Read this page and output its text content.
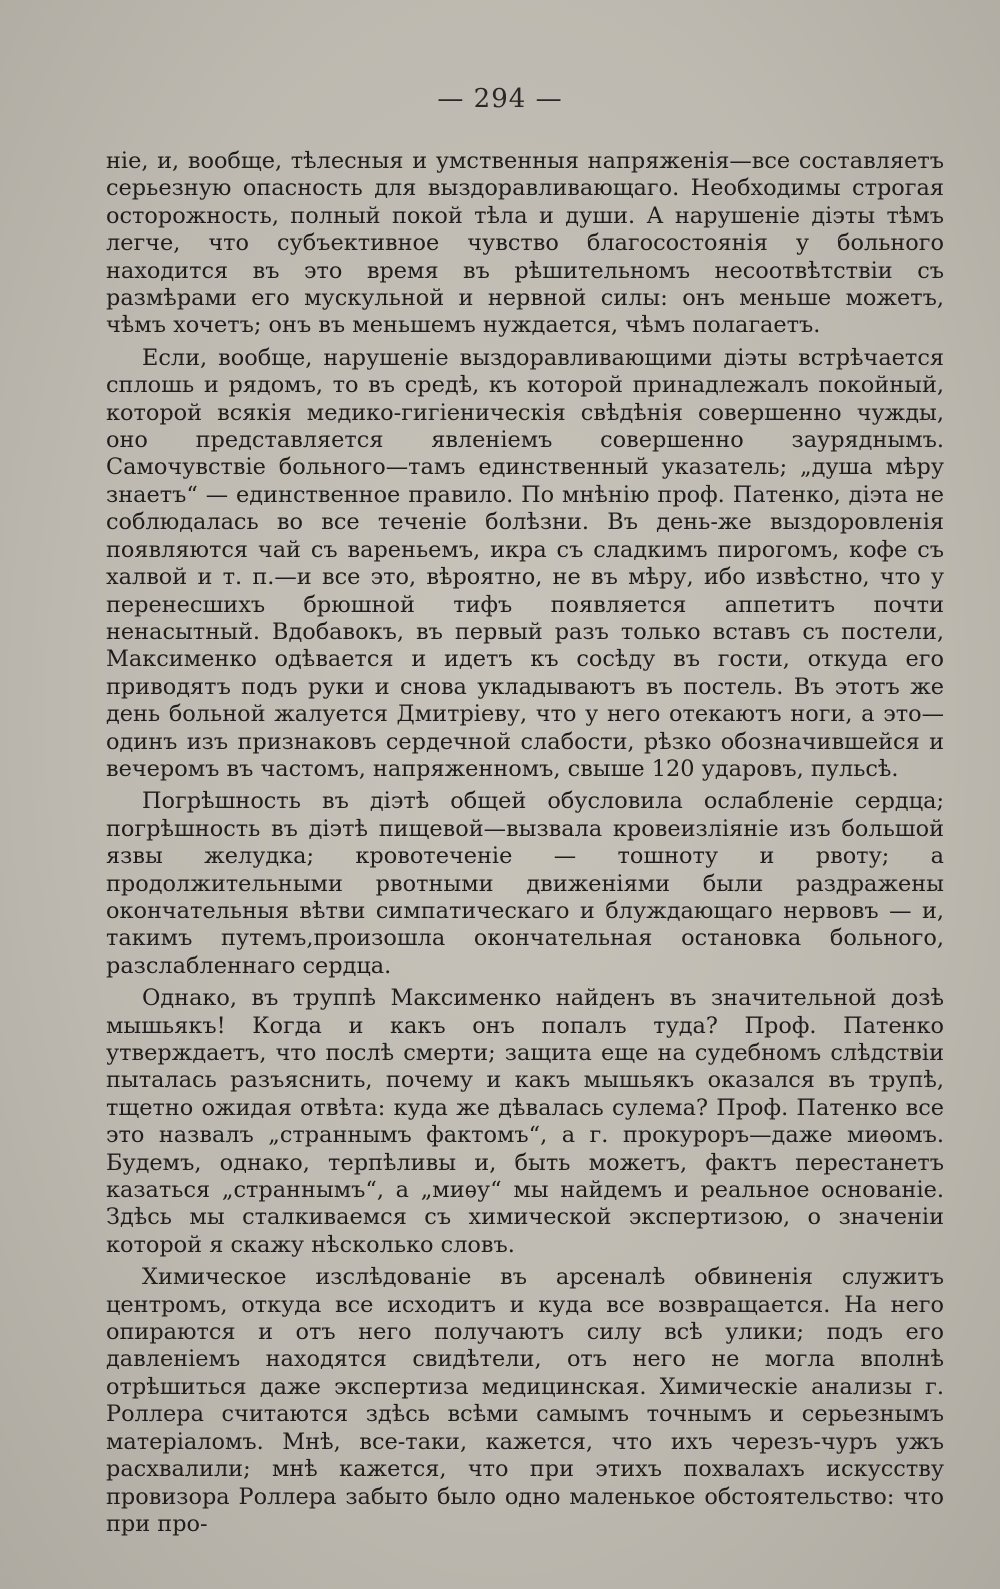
— 294 —

ніе, и, вообще, тѣлесныя и умственныя напряженія—все составляетъ серьезную опасность для выздоравливающаго. Необходимы строгая осторожность, полный покой тѣла и души. А нарушеніе діэты тѣмъ легче, что субъективное чувство благосостоянія у больного находится въ это время въ рѣшительномъ несоотвѣтствіи съ размѣрами его мускульной и нервной силы: онъ меньше можетъ, чѣмъ хочетъ; онъ въ меньшемъ нуждается, чѣмъ полагаетъ.

Если, вообще, нарушеніе выздоравливающими діэты встрѣчается сплошь и рядомъ, то въ средѣ, къ которой принадлежалъ покойный, которой всякія медико-гигіеническія свѣдѣнія совершенно чужды, оно представляется явленіемъ совершенно зауряднымъ. Самочувствіе больного—тамъ единственный указатель; „душа мѣру знаетъ“ — единственное правило. По мнѣнію проф. Патенко, діэта не соблюдалась во все теченіе болѣзни. Въ день-же выздоровленія появляются чай съ вареньемъ, икра съ сладкимъ пирогомъ, кофе съ халвой и т. п.—и все это, вѣроятно, не въ мѣру, ибо извѣстно, что у перенесшихъ брюшной тифъ появляется аппетитъ почти ненасытный. Вдобавокъ, въ первый разъ только вставъ съ постели, Максименко одѣвается и идетъ къ сосѣду въ гости, откуда его приводятъ подъ руки и снова укладываютъ въ постель. Въ этотъ же день больной жалуется Дмитріеву, что у него отекаютъ ноги, а это—одинъ изъ признаковъ сердечной слабости, рѣзко обозначившейся и вечеромъ въ частомъ, напряженномъ, свыше 120 ударовъ, пульсѣ.

Погрѣшность въ діэтѣ общей обусловила ослабленіе сердца; погрѣшность въ діэтѣ пищевой—вызвала кровеизліяніе изъ большой язвы желудка; кровотеченіе — тошноту и рвоту; а продолжительными рвотными движеніями были раздражены окончательныя вѣтви симпатическаго и блуждающаго нервовъ — и, такимъ путемъ,произошла окончательная остановка больного, разслабленнаго сердца.

Однако, въ труппѣ Максименко найденъ въ значительной дозѣ мышьякъ! Когда и какъ онъ попалъ туда? Проф. Патенко утверждаетъ, что послѣ смерти; защита еще на судебномъ слѣдствіи пыталась разъяснить, почему и какъ мышьякъ оказался въ трупѣ, тщетно ожидая отвѣта: куда же дѣвалась сулема? Проф. Патенко все это назвалъ „страннымъ фактомъ“, а г. прокуроръ—даже миѳомъ. Будемъ, однако, терпѣливы и, быть можетъ, фактъ перестанетъ казаться „страннымъ“, а „миѳу“ мы найдемъ и реальное основаніе. Здѣсь мы сталкиваемся съ химической экспертизою, о значеніи которой я скажу нѣсколько словъ.

Химическое изслѣдованіе въ арсеналѣ обвиненія служитъ центромъ, откуда все исходитъ и куда все возвращается. На него опираются и отъ него получаютъ силу всѣ улики; подъ его давленіемъ находятся свидѣтели, отъ него не могла вполнѣ отрѣшиться даже экспертиза медицинская. Химическіе анализы г. Роллера считаются здѣсь всѣми самымъ точнымъ и серьезнымъ матеріаломъ. Мнѣ, все-таки, кажется, что ихъ черезъ-чуръ ужъ расхвалили; мнѣ кажется, что при этихъ похвалахъ искусству провизора Роллера забыто было одно маленькое обстоятельство: что при про-
